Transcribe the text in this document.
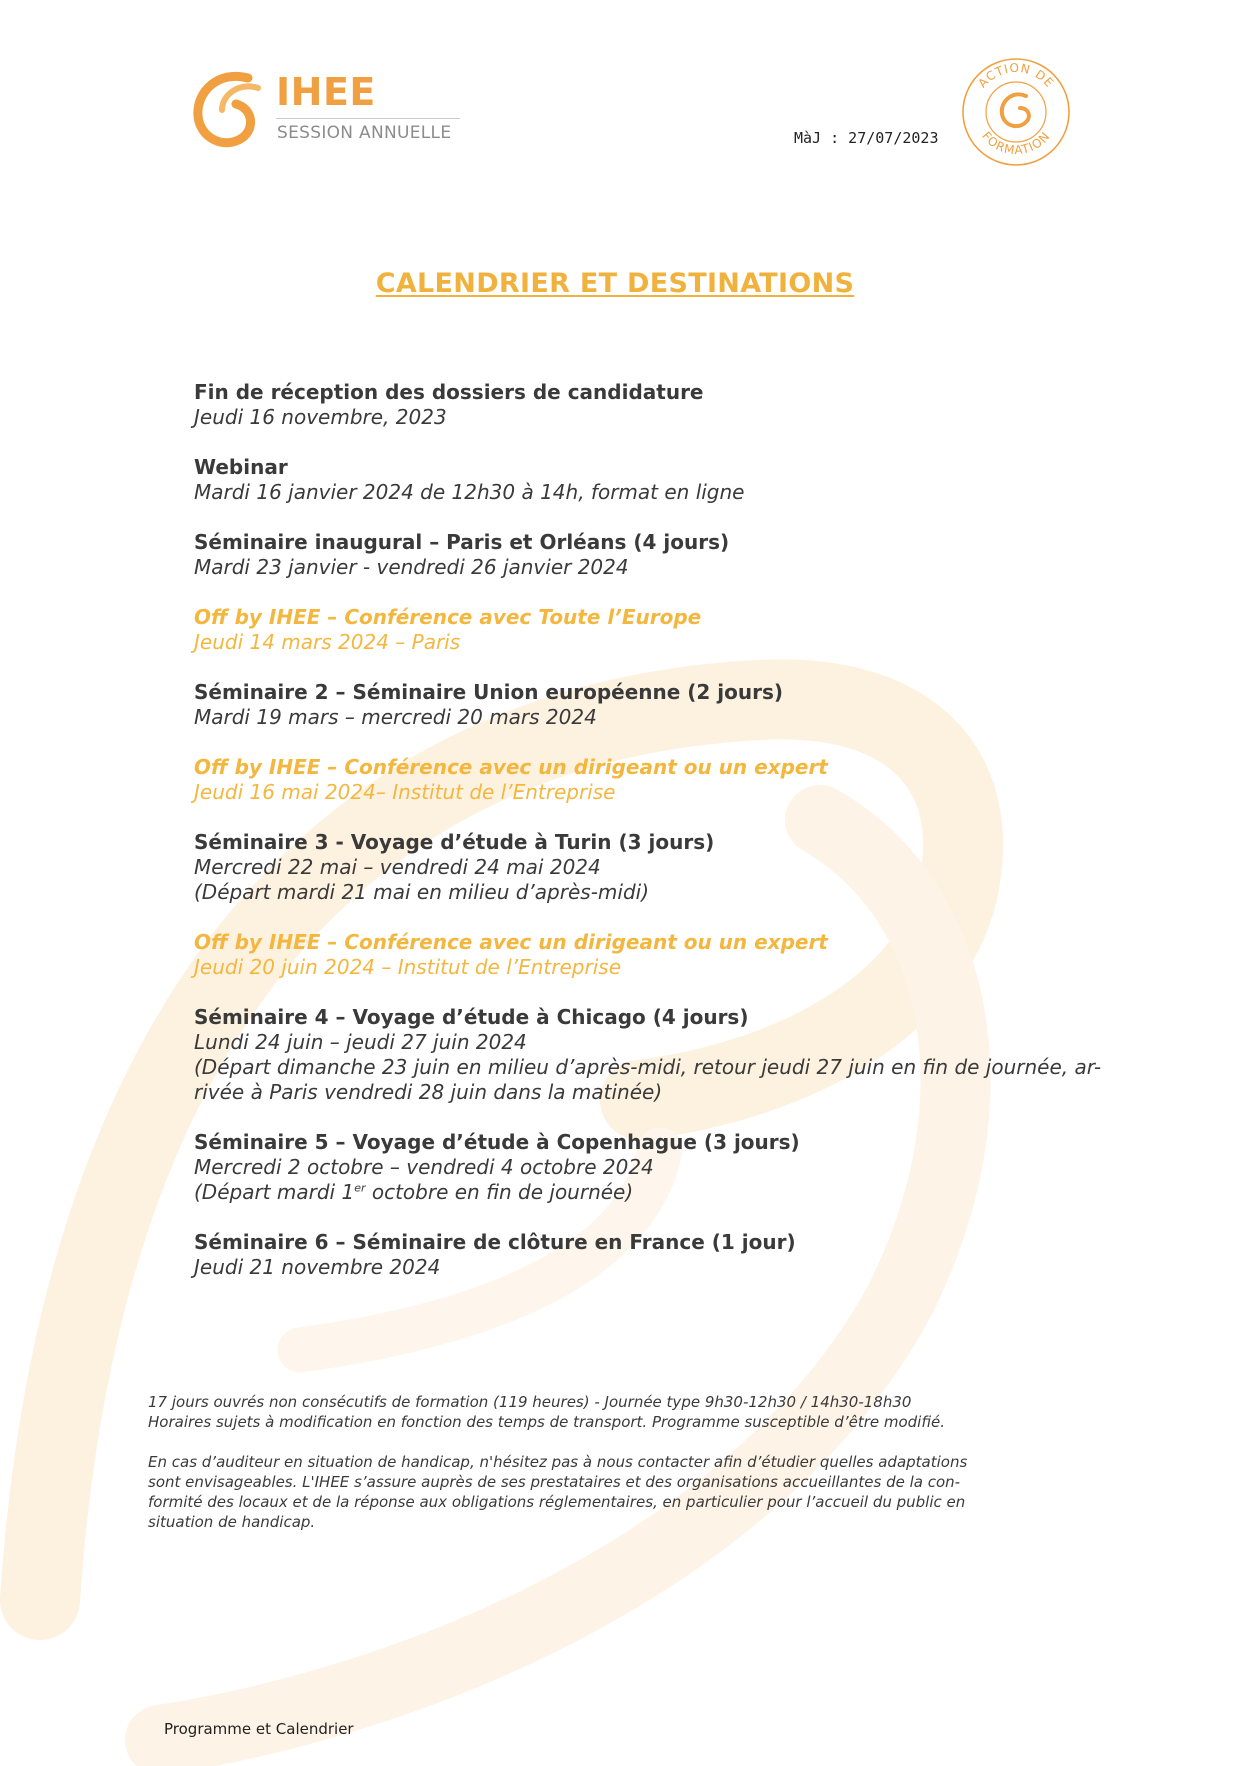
IHEE
SESSION ANNUELLE	MàJ : 27/07/2023
ACTION DE
FORMATION
CALENDRIER ET DESTINATIONS
Fin de réception des dossiers de candidature
Jeudi 16 novembre, 2023
Webinar
Mardi 16 janvier 2024 de 12h30 à 14h, format en ligne
Séminaire inaugural – Paris et Orléans (4 jours)
Mardi 23 janvier - vendredi 26 janvier 2024
Off by IHEE – Conférence avec Toute l’Europe
Jeudi 14 mars 2024 – Paris
Séminaire 2 – Séminaire Union européenne (2 jours)
Mardi 19 mars – mercredi 20 mars 2024
Off by IHEE – Conférence avec un dirigeant ou un expert
Jeudi 16 mai 2024– Institut de l’Entreprise
Séminaire 3 - Voyage d’étude à Turin (3 jours)
Mercredi 22 mai – vendredi 24 mai 2024
(Départ mardi 21 mai en milieu d’après-midi)
Off by IHEE – Conférence avec un dirigeant ou un expert
Jeudi 20 juin 2024 – Institut de l’Entreprise
Séminaire 4 – Voyage d’étude à Chicago (4 jours)
Lundi 24 juin – jeudi 27 juin 2024
(Départ dimanche 23 juin en milieu d’après-midi, retour jeudi 27 juin en fin de journée, ar-
rivée à Paris vendredi 28 juin dans la matinée)
Séminaire 5 – Voyage d’étude à Copenhague (3 jours)
Mercredi 2 octobre – vendredi 4 octobre 2024
(Départ mardi 1er octobre en fin de journée)
Séminaire 6 – Séminaire de clôture en France (1 jour)
Jeudi 21 novembre 2024
17 jours ouvrés non consécutifs de formation (119 heures) - Journée type 9h30-12h30 / 14h30-18h30
Horaires sujets à modification en fonction des temps de transport. Programme susceptible d’être modifié.
En cas d’auditeur en situation de handicap, n'hésitez pas à nous contacter afin d’étudier quelles adaptations
sont envisageables. L'IHEE s’assure auprès de ses prestataires et des organisations accueillantes de la con-
formité des locaux et de la réponse aux obligations réglementaires, en particulier pour l’accueil du public en
situation de handicap.
Programme et Calendrier
